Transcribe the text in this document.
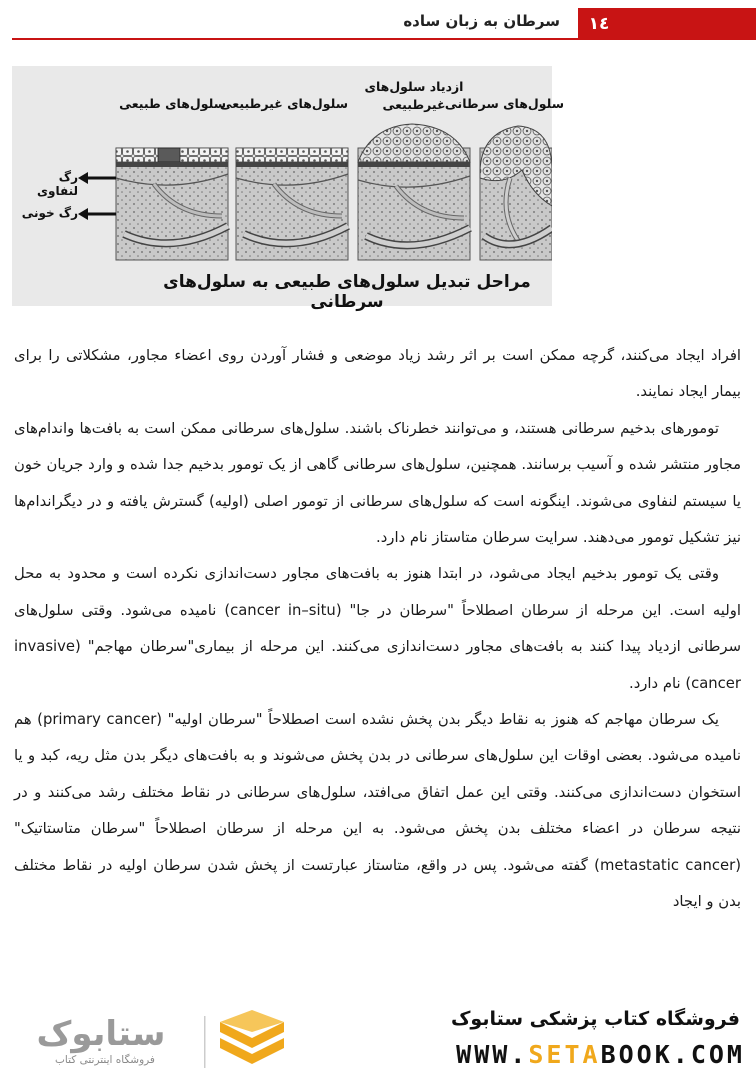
١٤
سرطان به زبان ساده
سلول‌های طبیعی
سلول‌های غیرطبیعی
ازدیاد سلول‌های غیرطبیعی سلول‌های سرطانی
رگ لنفاوی
رگ خونی
مراحل تبدیل سلول‌های طبیعی به سلول‌های سرطانی

افراد ایجاد می‌کنند، گرچه ممکن است بر اثر رشد زیاد موضعی و فشار آوردن روی اعضاء مجاور، مشکلاتی را برای بیمار ایجاد نمایند.

تومورهای بدخیم سرطانی هستند، و می‌توانند خطرناک باشند. سلول‌های سرطانی ممکن است به بافت‌ها واندام‌های مجاور منتشر شده و آسیب برسانند. همچنین، سلول‌های سرطانی گاهی از یک تومور بدخیم جدا شده و وارد جریان خون یا سیستم لنفاوی می‌شوند. اینگونه است که سلول‌های سرطانی از تومور اصلی (اولیه) گسترش یافته و در دیگراندام‌ها نیز تشکیل تومور می‌دهند. سرایت سرطان متاستاز نام دارد.

وقتی یک تومور بدخیم ایجاد می‌شود، در ابتدا هنوز به بافت‌های مجاور دست‌اندازی نکرده است و محدود به محل اولیه است. این مرحله از سرطان اصطلاحاً "سرطان در جا" (cancer in–situ) نامیده می‌شود. وقتی سلول‌های سرطانی ازدیاد پیدا کنند به بافت‌های مجاور دست‌اندازی می‌کنند. این مرحله از بیماری"سرطان مهاجم" (invasive cancer) نام دارد.

یک سرطان مهاجم که هنوز به نقاط دیگر بدن پخش نشده است اصطلاحاً "سرطان اولیه" (primary cancer) هم نامیده می‌شود. بعضی اوقات این سلول‌های سرطانی در بدن پخش می‌شوند و به بافت‌های دیگر بدن مثل ریه، کبد و یا استخوان دست‌اندازی می‌کنند. وقتی این عمل اتفاق می‌افتد، سلول‌های سرطانی در نقاط مختلف رشد می‌کنند و در نتیجه سرطان در اعضاء مختلف بدن پخش می‌شود. به این مرحله از سرطان اصطلاحاً "سرطان متاستاتیک" (metastatic cancer) گفته می‌شود. پس در واقع، متاستاز عبارتست از پخش شدن سرطان اولیه در نقاط مختلف بدن و ایجاد

ستابوک
فروشگاه اینترنتی کتاب
فروشگاه کتاب پزشکی ستابوک
WWW.SETABOOK.COM
